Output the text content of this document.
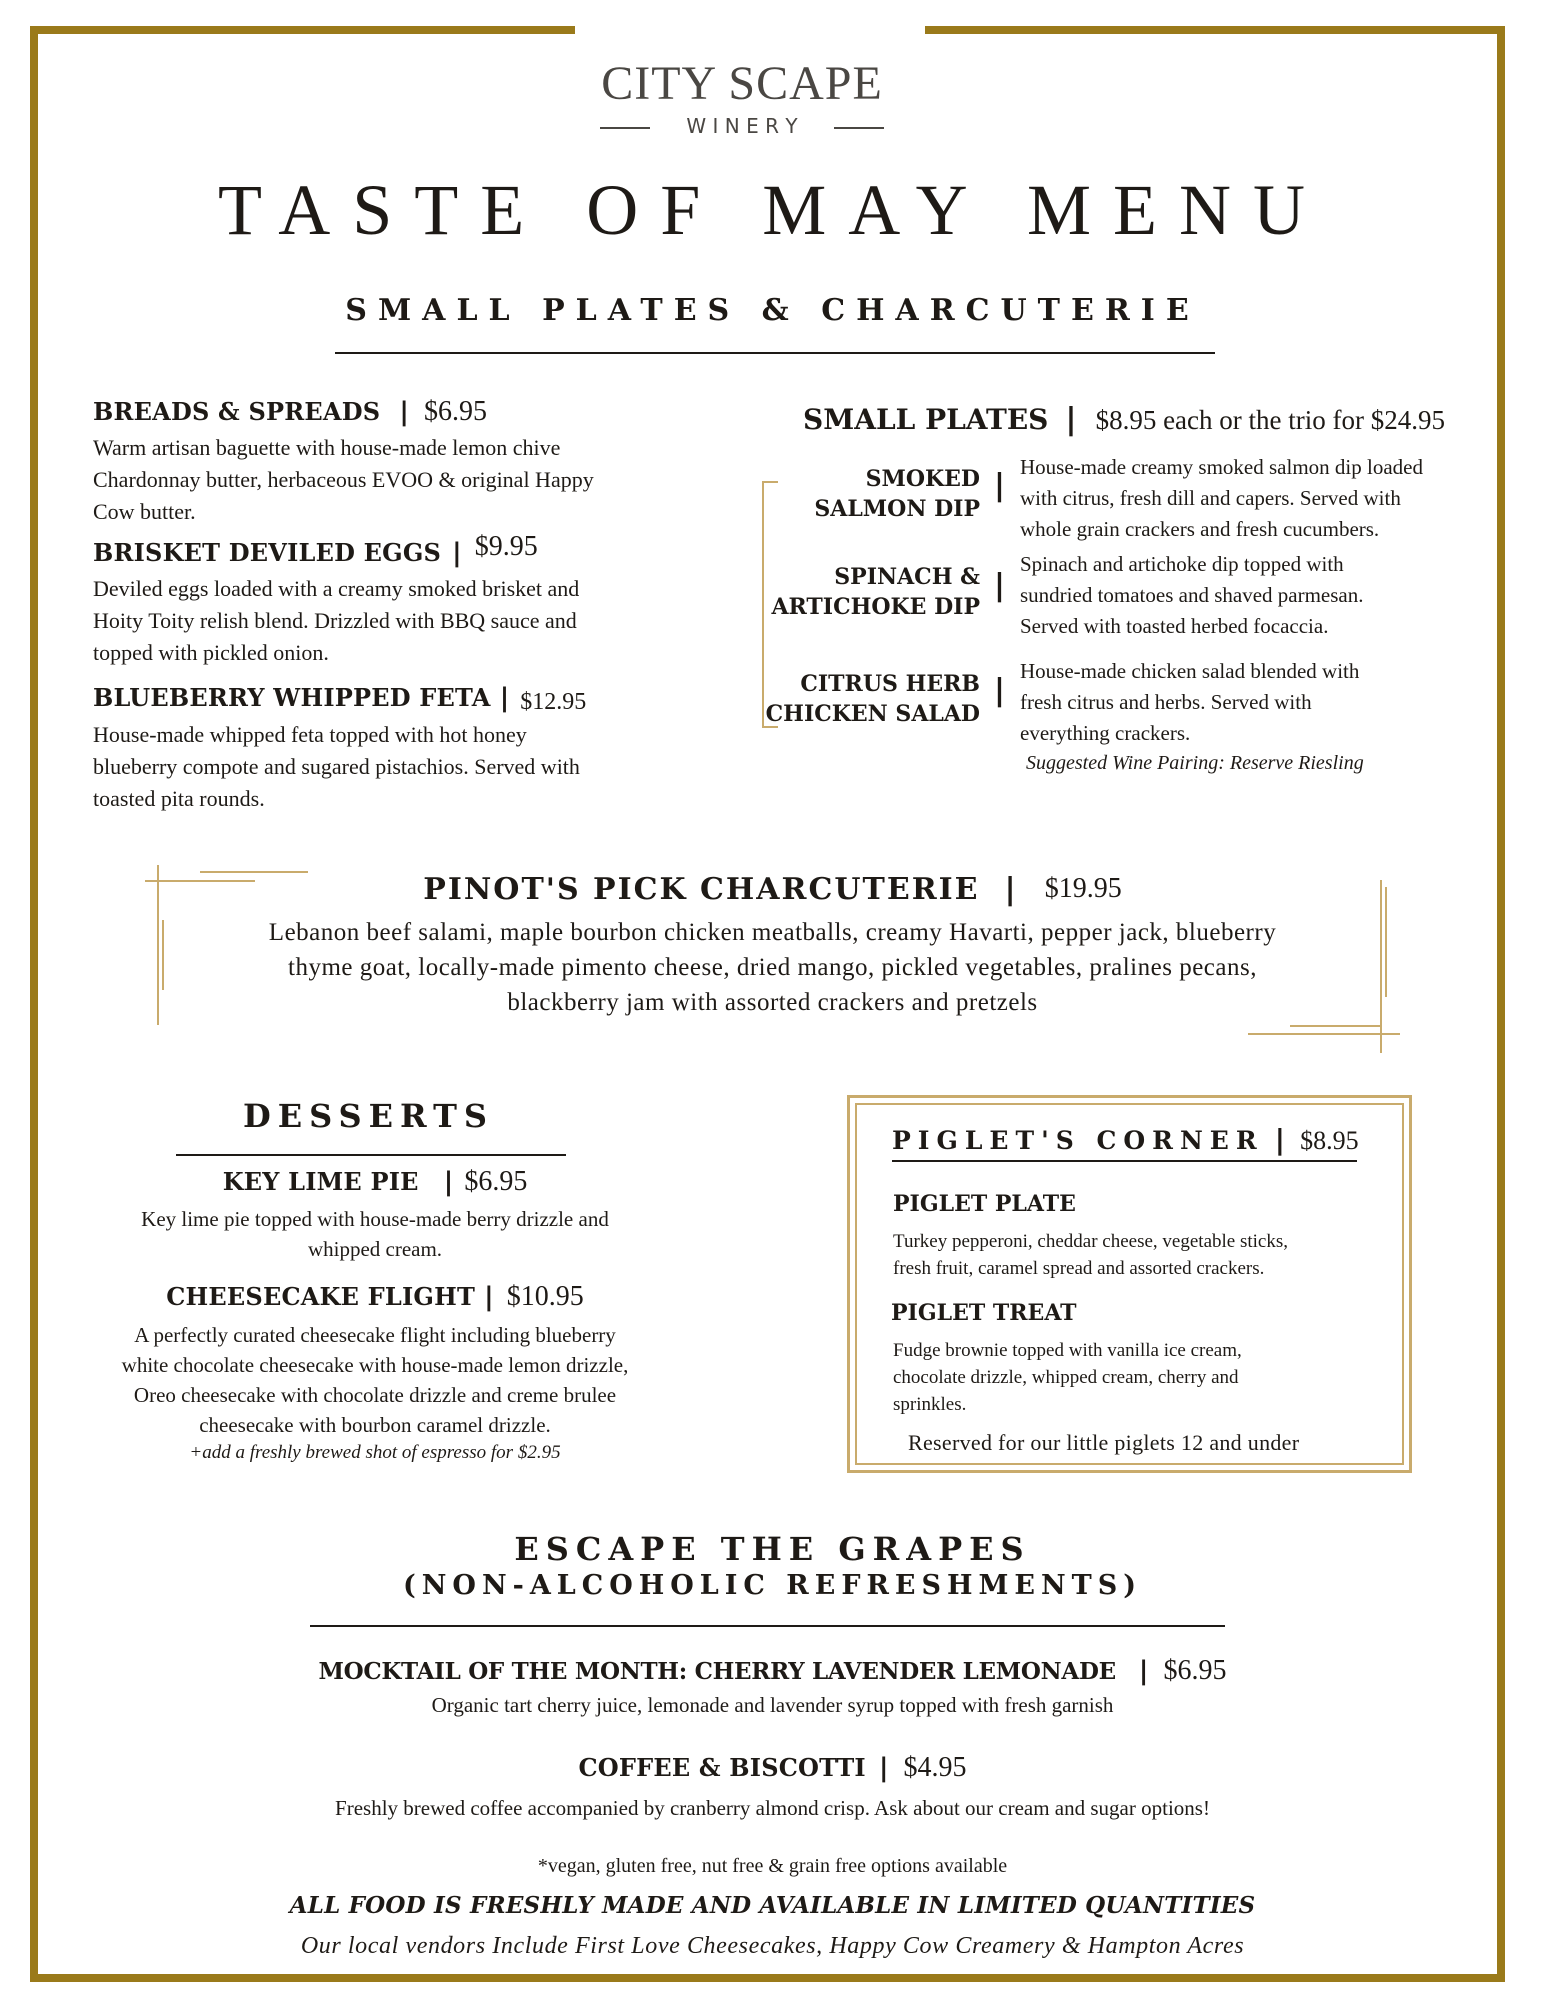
CITY SCAPE
W I N E R Y
TASTE OF MAY MENU
SMALL PLATES & CHARCUTERIE
BREADS & SPREADS | $6.95
Warm artisan baguette with house-made lemon chive
Chardonnay butter, herbaceous EVOO & original Happy
Cow butter.
BRISKET DEVILED EGGS | $9.95
Deviled eggs loaded with a creamy smoked brisket and
Hoity Toity relish blend. Drizzled with BBQ sauce and
topped with pickled onion.
BLUEBERRY WHIPPED FETA | $12.95
House-made whipped feta topped with hot honey
blueberry compote and sugared pistachios. Served with
toasted pita rounds.
SMALL PLATES | $8.95 each or the trio for $24.95
SMOKED
SALMON DIP
|
House-made creamy smoked salmon dip loaded
with citrus, fresh dill and capers. Served with
whole grain crackers and fresh cucumbers.
SPINACH &
ARTICHOKE DIP
|
Spinach and artichoke dip topped with
sundried tomatoes and shaved parmesan.
Served with toasted herbed focaccia.
CITRUS HERB
CHICKEN SALAD
|
House-made chicken salad blended with
fresh citrus and herbs. Served with
everything crackers.
Suggested Wine Pairing: Reserve Riesling
PINOT'S PICK CHARCUTERIE | $19.95
Lebanon beef salami, maple bourbon chicken meatballs, creamy Havarti, pepper jack, blueberry
thyme goat, locally-made pimento cheese, dried mango, pickled vegetables, pralines pecans,
blackberry jam with assorted crackers and pretzels
DESSERTS
KEY LIME PIE | $6.95
Key lime pie topped with house-made berry drizzle and
whipped cream.
CHEESECAKE FLIGHT | $10.95
A perfectly curated cheesecake flight including blueberry
white chocolate cheesecake with house-made lemon drizzle,
Oreo cheesecake with chocolate drizzle and creme brulee
cheesecake with bourbon caramel drizzle.
+add a freshly brewed shot of espresso for $2.95
PIGLET'S CORNER | $8.95
PIGLET PLATE
Turkey pepperoni, cheddar cheese, vegetable sticks,
fresh fruit, caramel spread and assorted crackers.
PIGLET TREAT
Fudge brownie topped with vanilla ice cream,
chocolate drizzle, whipped cream, cherry and
sprinkles.
Reserved for our little piglets 12 and under
ESCAPE THE GRAPES
(NON-ALCOHOLIC REFRESHMENTS)
MOCKTAIL OF THE MONTH: CHERRY LAVENDER LEMONADE | $6.95
Organic tart cherry juice, lemonade and lavender syrup topped with fresh garnish
COFFEE & BISCOTTI | $4.95
Freshly brewed coffee accompanied by cranberry almond crisp. Ask about our cream and sugar options!
*vegan, gluten free, nut free & grain free options available
ALL FOOD IS FRESHLY MADE AND AVAILABLE IN LIMITED QUANTITIES
Our local vendors Include First Love Cheesecakes, Happy Cow Creamery & Hampton Acres
